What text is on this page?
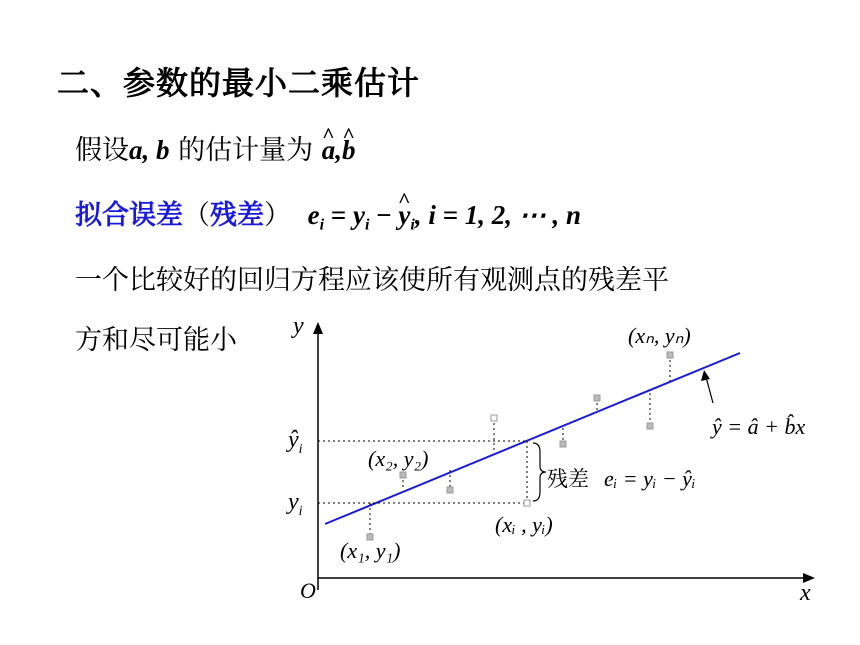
二、参数的最小二乘估计
假设a, b 的估计量为 ^ a,^ b
拟合误差（残差） $e_i = y_i$ − ^ $y_i$, i = 1, 2, ⋯ , n
一个比较好的回归方程应该使所有观测点的残差平
方和尽可能小 y
x
O
$ŷ_i$
$y_i$
(x₁, y₁)
(x₂, y₂)
(xᵢ , yᵢ)
(xₙ, yₙ)
残差 eᵢ = yᵢ − ŷᵢ
ŷ = â + b̂x
